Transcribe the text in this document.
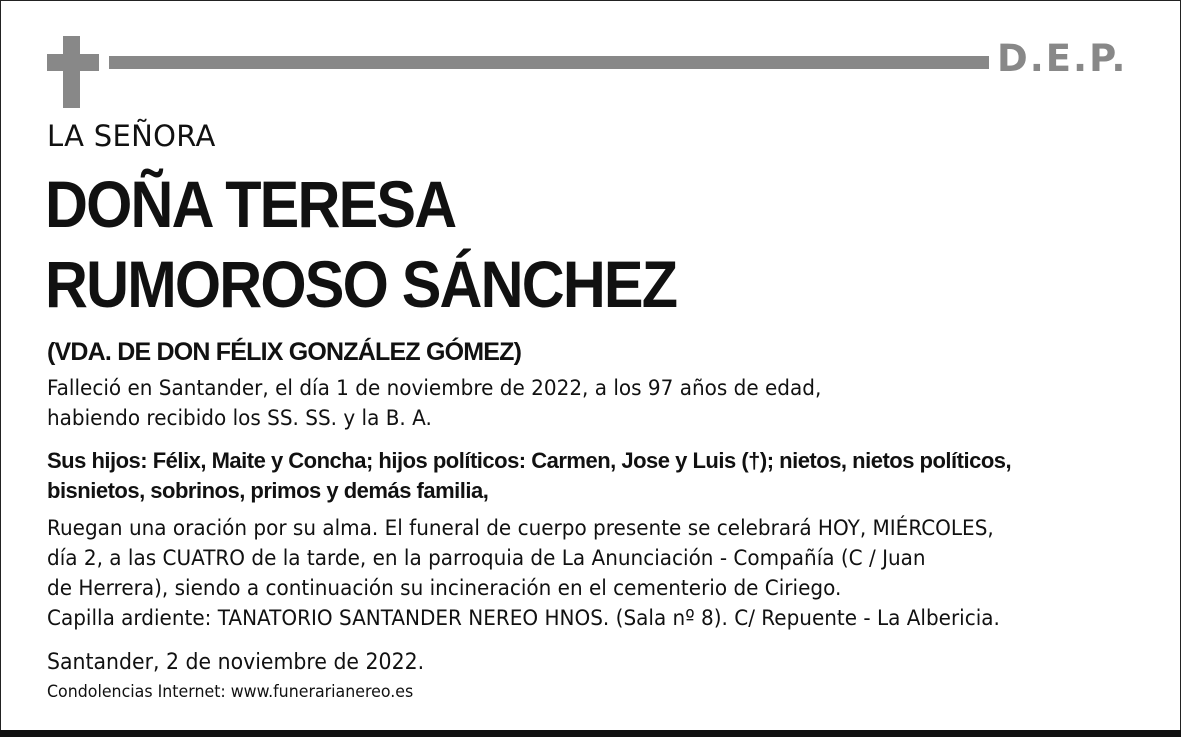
D.E.P.
LA SEÑORA
DOÑA TERESA
RUMOROSO SÁNCHEZ
(VDA. DE DON FÉLIX GONZÁLEZ GÓMEZ)
Falleció en Santander, el día 1 de noviembre de 2022, a los 97 años de edad,
habiendo recibido los SS. SS. y la B. A.
Sus hijos: Félix, Maite y Concha; hijos políticos: Carmen, Jose y Luis (†); nietos, nietos políticos,
bisnietos, sobrinos, primos y demás familia,
Ruegan una oración por su alma. El funeral de cuerpo presente se celebrará HOY, MIÉRCOLES,
día 2, a las CUATRO de la tarde, en la parroquia de La Anunciación - Compañía (C / Juan
de Herrera), siendo a continuación su incineración en el cementerio de Ciriego.
Capilla ardiente: TANATORIO SANTANDER NEREO HNOS. (Sala nº 8). C/ Repuente - La Albericia.
Santander, 2 de noviembre de 2022.
Condolencias Internet: www.funerarianereo.es
